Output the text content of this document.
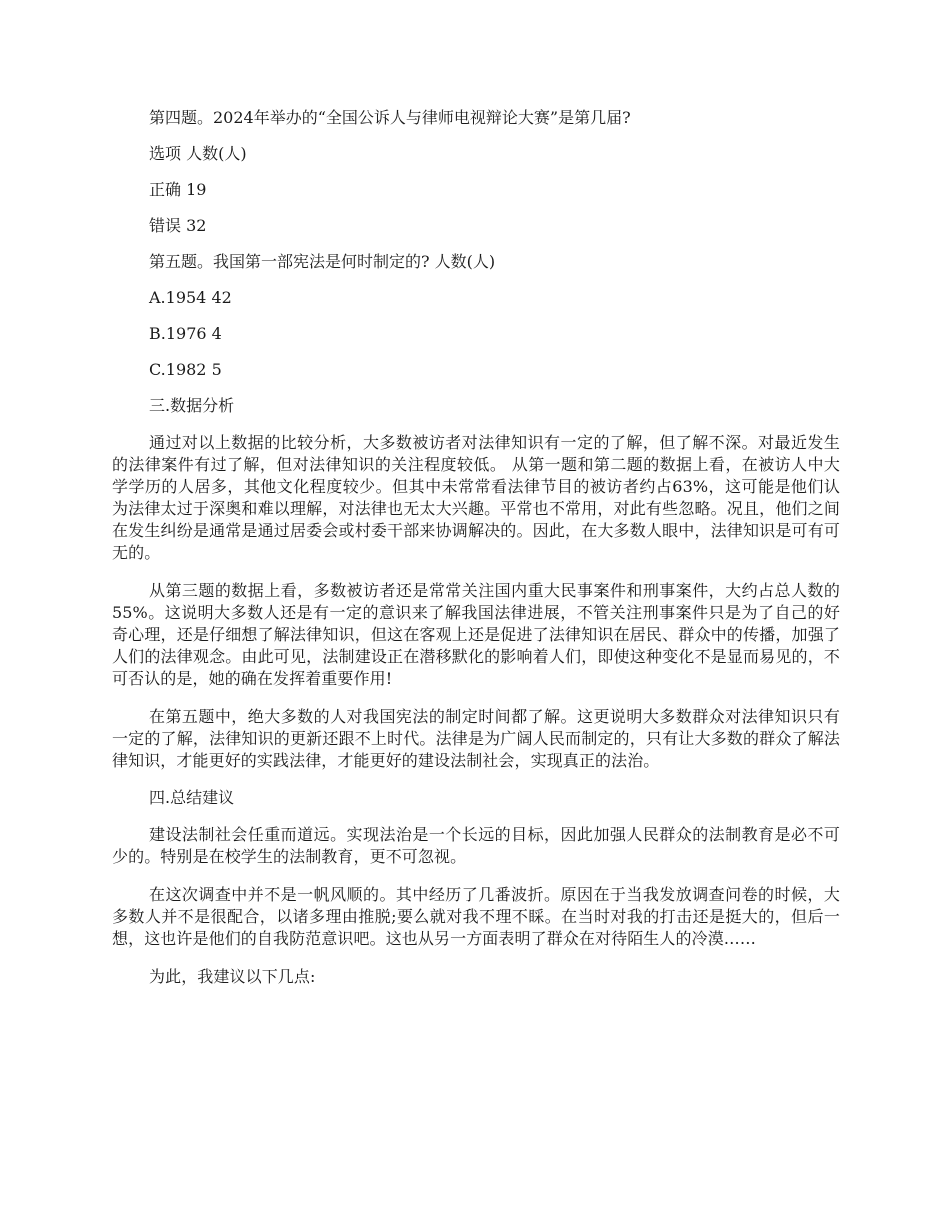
第四题。2024年举办的“全国公诉人与律师电视辩论大赛”是第几届?
选项 人数(人)
正确 19
错误 32
第五题。我国第一部宪法是何时制定的? 人数(人)
A.1954 42
B.1976 4
C.1982 5
三.数据分析

通过对以上数据的比较分析，大多数被访者对法律知识有一定的了解，但了解不深。对最近发生的法律案件有过了解，但对法律知识的关注程度较低。 从第一题和第二题的数据上看，在被访人中大学学历的人居多，其他文化程度较少。但其中未常常看法律节目的被访者约占63%，这可能是他们认为法律太过于深奥和难以理解，对法律也无太大兴趣。平常也不常用，对此有些忽略。况且，他们之间在发生纠纷是通常是通过居委会或村委干部来协调解决的。因此，在大多数人眼中，法律知识是可有可无的。

从第三题的数据上看，多数被访者还是常常关注国内重大民事案件和刑事案件，大约占总人数的55%。这说明大多数人还是有一定的意识来了解我国法律进展，不管关注刑事案件只是为了自己的好奇心理，还是仔细想了解法律知识，但这在客观上还是促进了法律知识在居民、群众中的传播，加强了人们的法律观念。由此可见，法制建设正在潜移默化的影响着人们，即使这种变化不是显而易见的，不可否认的是，她的确在发挥着重要作用!

在第五题中，绝大多数的人对我国宪法的制定时间都了解。这更说明大多数群众对法律知识只有一定的了解，法律知识的更新还跟不上时代。法律是为广阔人民而制定的，只有让大多数的群众了解法律知识，才能更好的实践法律，才能更好的建设法制社会，实现真正的法治。

四.总结建议

建设法制社会任重而道远。实现法治是一个长远的目标，因此加强人民群众的法制教育是必不可少的。特别是在校学生的法制教育，更不可忽视。

在这次调查中并不是一帆风顺的。其中经历了几番波折。原因在于当我发放调查问卷的时候，大多数人并不是很配合，以诸多理由推脱;要么就对我不理不睬。在当时对我的打击还是挺大的，但后一想，这也许是他们的自我防范意识吧。这也从另一方面表明了群众在对待陌生人的冷漠……

为此，我建议以下几点:
